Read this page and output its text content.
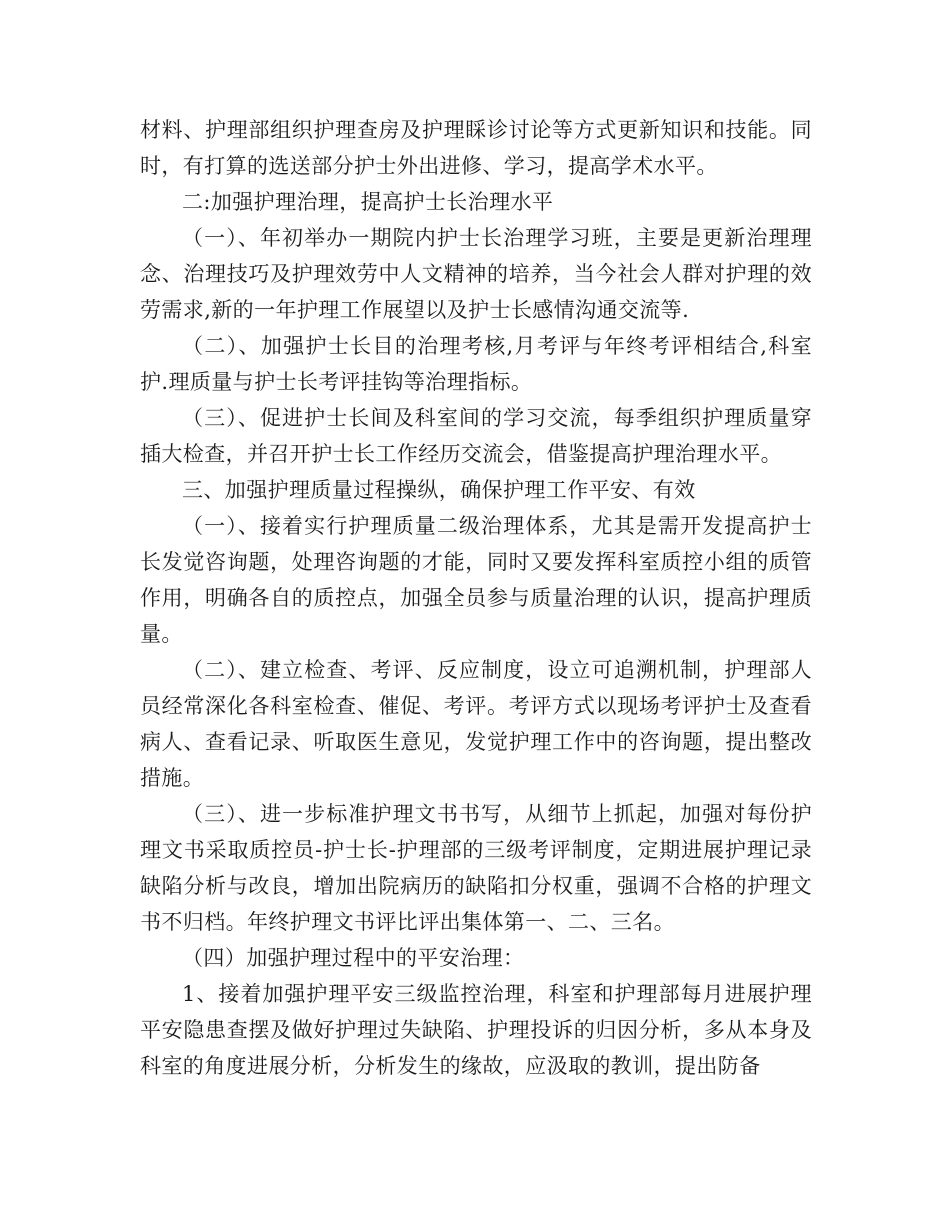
材料、护理部组织护理查房及护理睬诊讨论等方式更新知识和技能。同时，有打算的选送部分护士外出进修、学习，提高学术水平。

二:加强护理治理，提高护士长治理水平

（一）、年初举办一期院内护士长治理学习班，主要是更新治理理念、治理技巧及护理效劳中人文精神的培养，当今社会人群对护理的效劳需求,新的一年护理工作展望以及护士长感情沟通交流等.

（二）、加强护士长目的治理考核,月考评与年终考评相结合,科室护.理质量与护士长考评挂钩等治理指标。

（三）、促进护士长间及科室间的学习交流，每季组织护理质量穿插大检查，并召开护士长工作经历交流会，借鉴提高护理治理水平。

三、加强护理质量过程操纵，确保护理工作平安、有效

（一）、接着实行护理质量二级治理体系，尤其是需开发提高护士长发觉咨询题，处理咨询题的才能，同时又要发挥科室质控小组的质管作用，明确各自的质控点，加强全员参与质量治理的认识，提高护理质量。

（二）、建立检查、考评、反应制度，设立可追溯机制，护理部人员经常深化各科室检查、催促、考评。考评方式以现场考评护士及查看病人、查看记录、听取医生意见，发觉护理工作中的咨询题，提出整改措施。

（三）、进一步标准护理文书书写，从细节上抓起，加强对每份护理文书采取质控员-护士长-护理部的三级考评制度，定期进展护理记录缺陷分析与改良，增加出院病历的缺陷扣分权重，强调不合格的护理文书不归档。年终护理文书评比评出集体第一、二、三名。

（四）加强护理过程中的平安治理：

1、接着加强护理平安三级监控治理，科室和护理部每月进展护理平安隐患查摆及做好护理过失缺陷、护理投诉的归因分析，多从本身及科室的角度进展分析，分析发生的缘故，应汲取的教训，提出防备
